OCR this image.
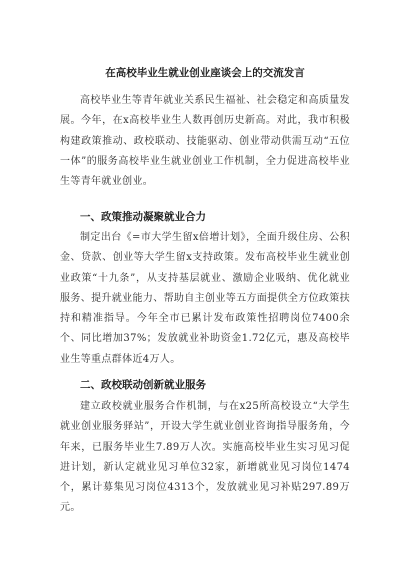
在高校毕业生就业创业座谈会上的交流发言

高校毕业生等青年就业关系民生福祉、社会稳定和高质量发展。今年，在x高校毕业生人数再创历史新高。对此，我市积极构建政策推动、政校联动、技能驱动、创业带动供需互动“五位一体”的服务高校毕业生就业创业工作机制，全力促进高校毕业生等青年就业创业。

一、政策推动凝聚就业合力

制定出台《=市大学生留x倍增计划》，全面升级住房、公积金、贷款、创业等大学生留x支持政策。发布高校毕业生就业创业政策“十九条”，从支持基层就业、激励企业吸纳、优化就业服务、提升就业能力、帮助自主创业等五方面提供全方位政策扶持和精准指导。今年全市已累计发布政策性招聘岗位7400余个、同比增加37%；发放就业补助资金1.72亿元，惠及高校毕业生等重点群体近4万人。

二、政校联动创新就业服务

建立政校就业服务合作机制，与在x25所高校设立“大学生就业创业服务驿站”，开设大学生就业创业咨询指导服务角，今年来，已服务毕业生7.89万人次。实施高校毕业生实习见习促进计划，新认定就业见习单位32家，新增就业见习岗位1474个，累计募集见习岗位4313个，发放就业见习补贴297.89万元。
